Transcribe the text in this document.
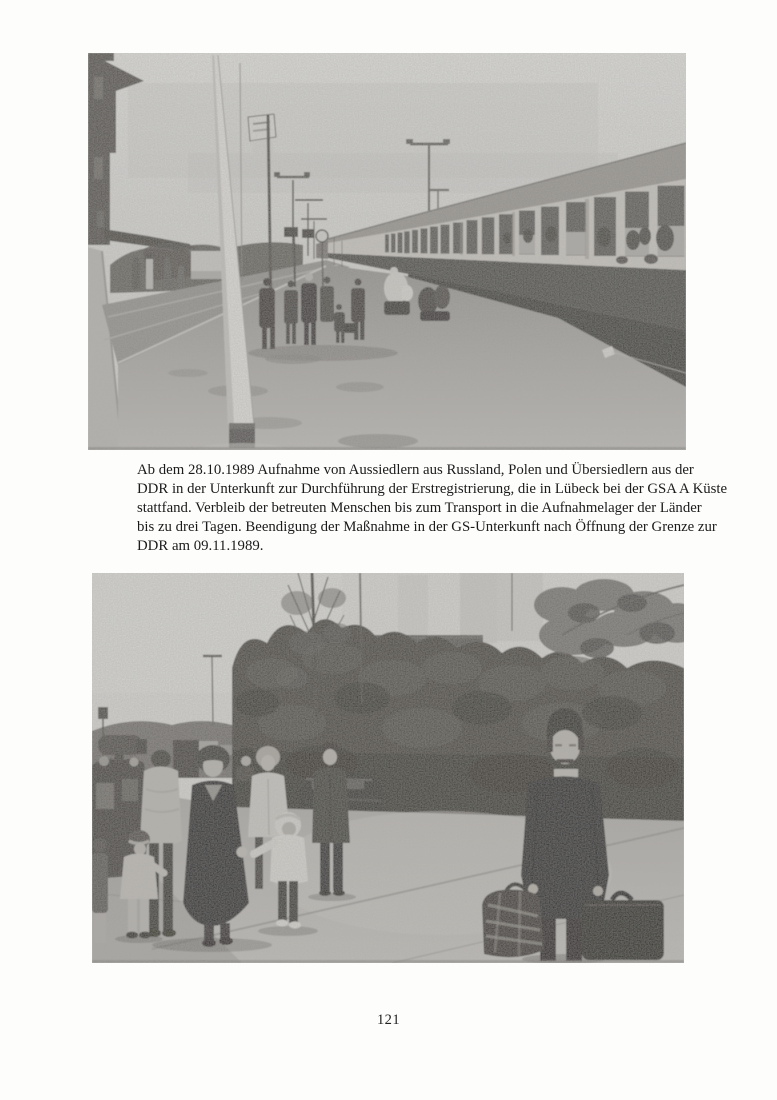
Ab dem 28.10.1989 Aufnahme von Aussiedlern aus Russland, Polen und Übersiedlern aus der
DDR in der Unterkunft zur Durchführung der Erstregistrierung, die in Lübeck bei der GSA A Küste
stattfand. Verbleib der betreuten Menschen bis zum Transport in die Aufnahmelager der Länder
bis zu drei Tagen. Beendigung der Maßnahme in der GS-Unterkunft nach Öffnung der Grenze zur
DDR am 09.11.1989.
121
